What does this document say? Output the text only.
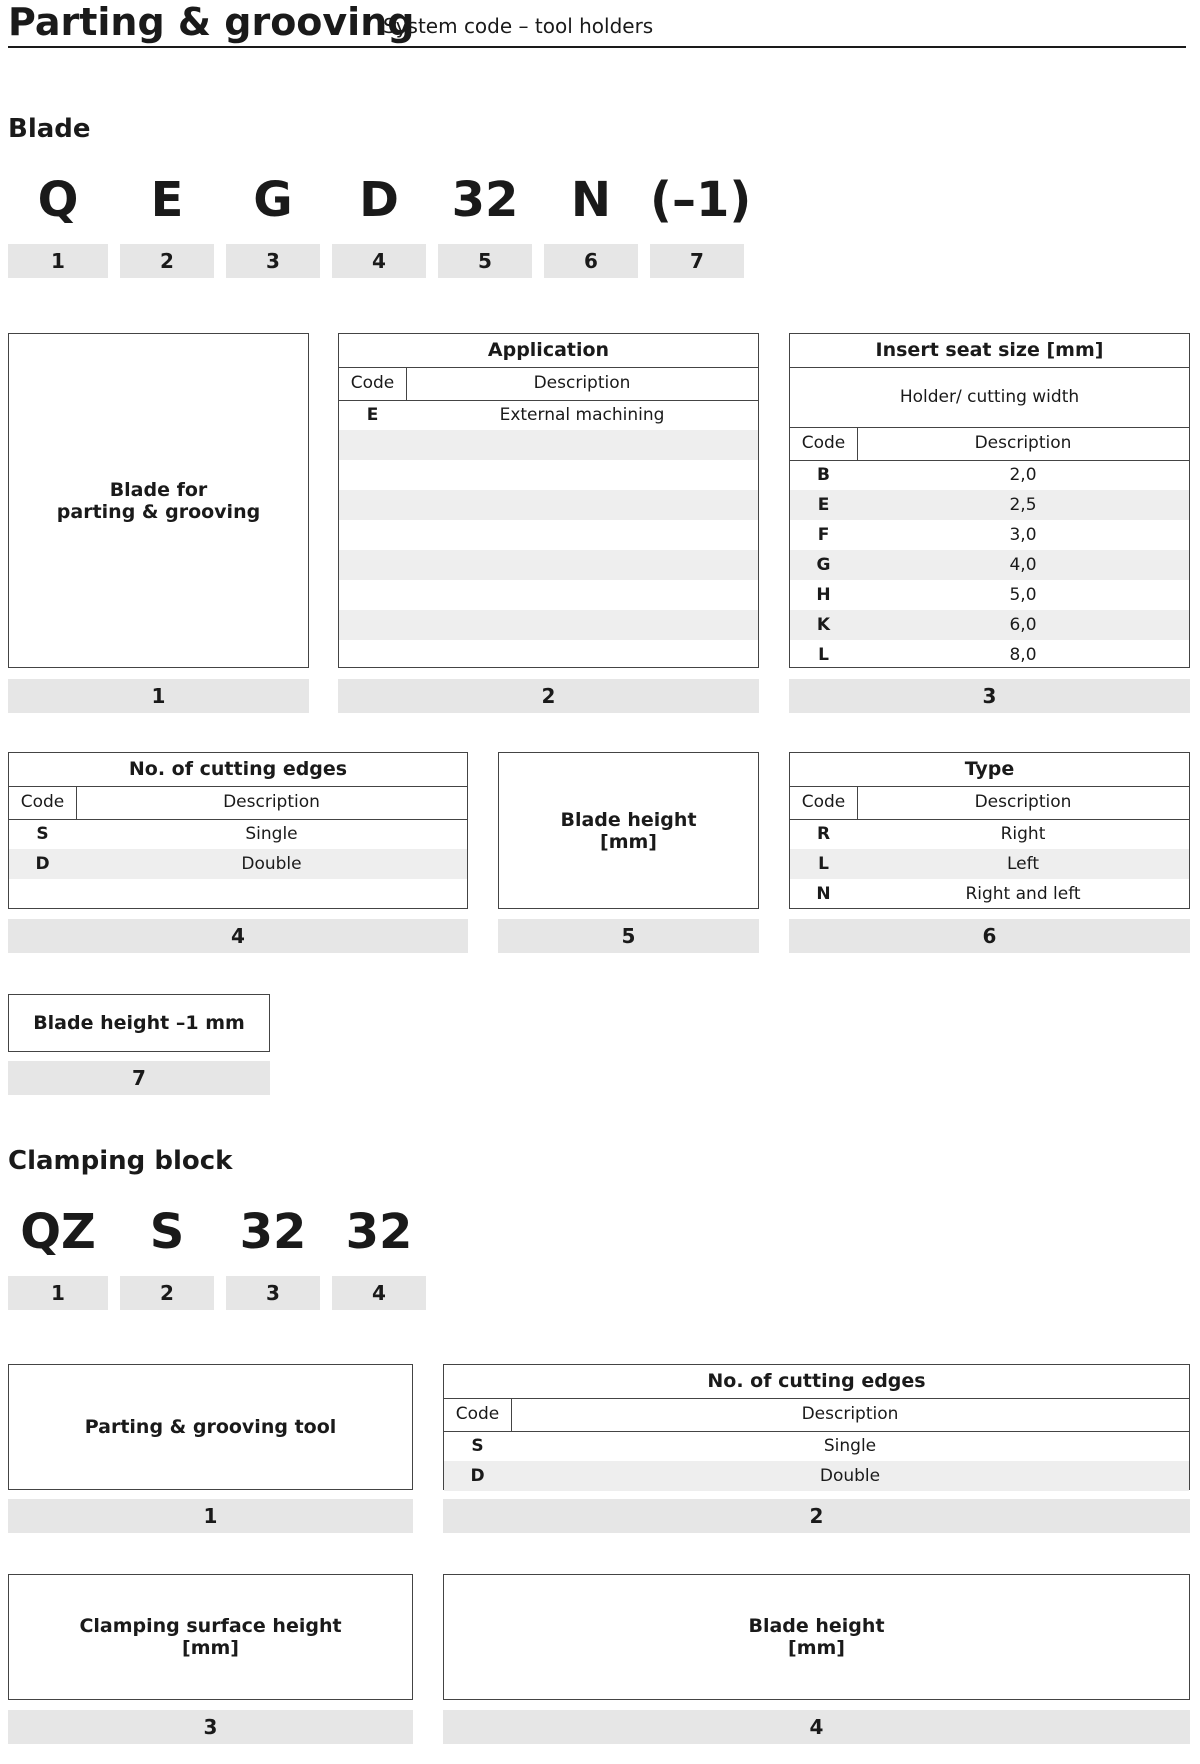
Parting & grooving
System code – tool holders
Blade
Q	E	G	D	32	N (–1)
1	2	3	4	5	6	7
Blade for
parting & grooving
1
Application
Code	Description
E	External machining
2
Insert seat size [mm]
Holder/ cutting width
Code	Description
B	2,0
E	2,5
F	3,0
G	4,0
H	5,0
K	6,0
L	8,0
3
No. of cutting edges
Code	Description
S	Single
D	Double
4
Blade height
[mm]
5
Type
Code	Description
R	Right
L	Left
N	Right and left
6
Blade height –1 mm
7
Clamping block
QZ	S	32 32
1	2	3	4
Parting & grooving tool
1
No. of cutting edges
Code	Description
S	Single
D	Double
2
Clamping surface height
[mm]
3
Blade height
[mm]
4
